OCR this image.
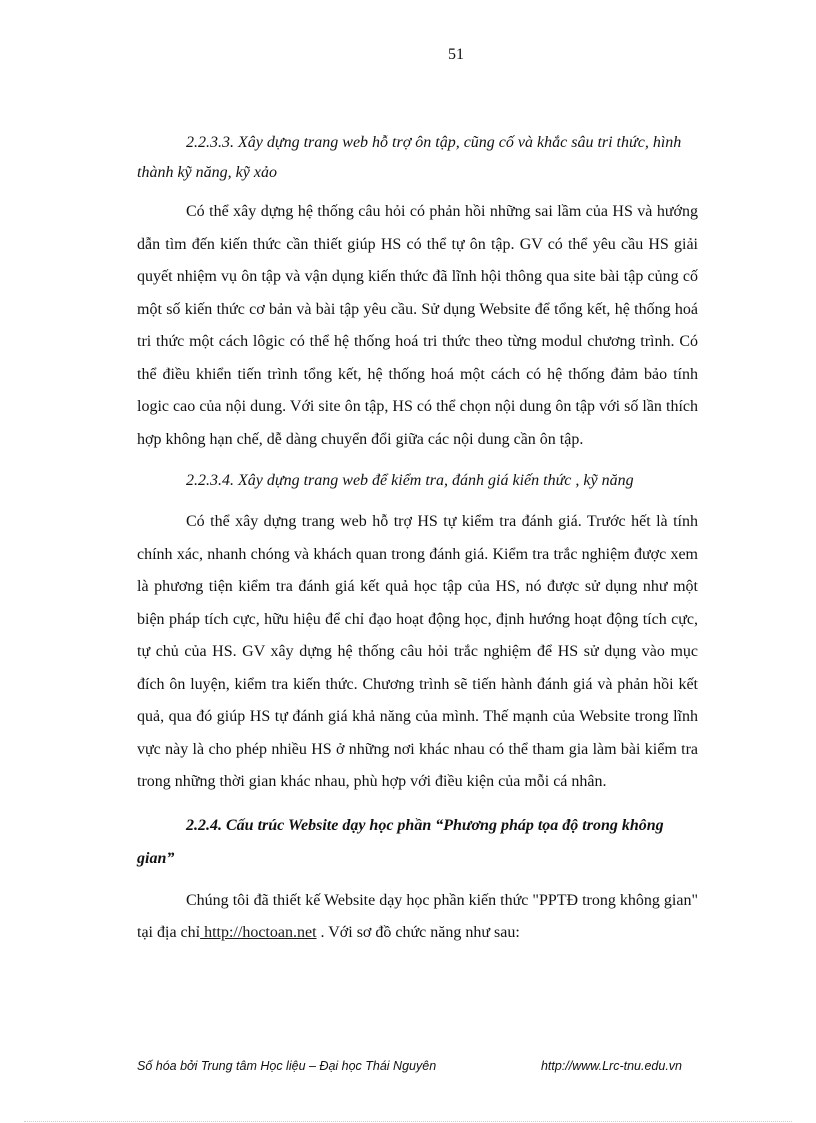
51

2.2.3.3. Xây dựng trang web hỗ trợ ôn tập, cũng cố và khắc sâu tri thức, hình thành kỹ năng, kỹ xảo

Có thể xây dựng hệ thống câu hỏi có phản hồi những sai lầm của HS và hướng dẫn tìm đến kiến thức cần thiết giúp HS có thể tự ôn tập. GV có thể yêu cầu HS giải quyết nhiệm vụ ôn tập và vận dụng kiến thức đã lĩnh hội thông qua site bài tập củng cố một số kiến thức cơ bản và bài tập yêu cầu. Sử dụng Website để tổng kết, hệ thống hoá tri thức một cách lôgic có thể hệ thống hoá tri thức theo từng modul chương trình. Có thể điều khiển tiến trình tổng kết, hệ thống hoá một cách có hệ thống đảm bảo tính logic cao của nội dung. Với site ôn tập, HS có thể chọn nội dung ôn tập với số lần thích hợp không hạn chế, dễ dàng chuyển đổi giữa các nội dung cần ôn tập.

2.2.3.4. Xây dựng trang web để kiểm tra, đánh giá kiến thức , kỹ năng

Có thể xây dựng trang web hỗ trợ HS tự kiểm tra đánh giá. Trước hết là tính chính xác, nhanh chóng và khách quan trong đánh giá. Kiểm tra trắc nghiệm được xem là phương tiện kiểm tra đánh giá kết quả học tập của HS, nó được sử dụng như một biện pháp tích cực, hữu hiệu để chỉ đạo hoạt động học, định hướng hoạt động tích cực, tự chủ của HS. GV xây dựng hệ thống câu hỏi trắc nghiệm để HS sử dụng vào mục đích ôn luyện, kiểm tra kiến thức. Chương trình sẽ tiến hành đánh giá và phản hồi kết quả, qua đó giúp HS tự đánh giá khả năng của mình. Thế mạnh của Website trong lĩnh vực này là cho phép nhiều HS ở những nơi khác nhau có thể tham gia làm bài kiểm tra trong những thời gian khác nhau, phù hợp với điều kiện của mỗi cá nhân.

2.2.4. Cấu trúc Website dạy học phần “Phương pháp tọa độ trong không gian”

Chúng tôi đã thiết kế Website dạy học phần kiến thức "PPTĐ trong không gian" tại địa chỉ http://hoctoan.net . Với sơ đồ chức năng như sau:

Số hóa bởi Trung tâm Học liệu – Đại học Thái Nguyên	http://www.Lrc-tnu.edu.vn
